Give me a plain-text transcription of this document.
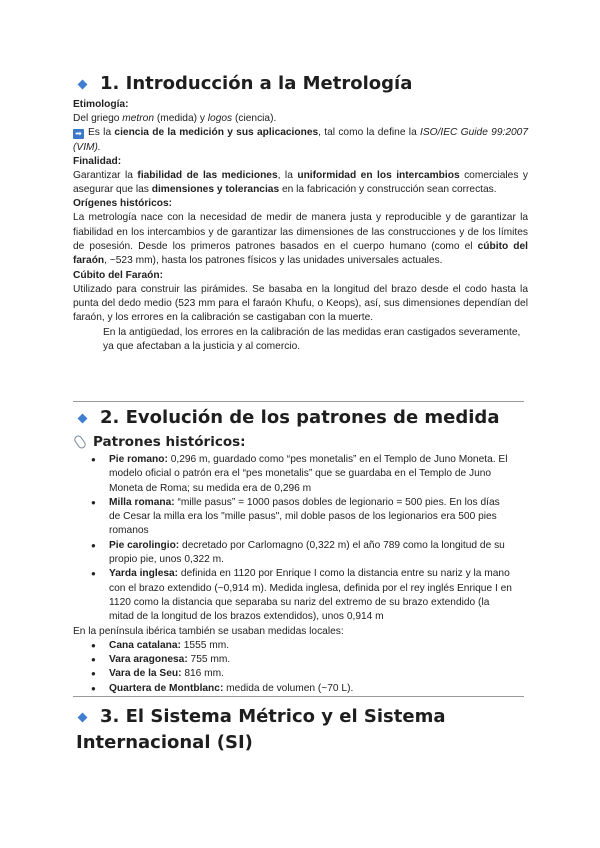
1. Introducción a la Metrología
Etimología:

Del griego metron (medida) y logos (ciencia).

➡ Es la ciencia de la medición y sus aplicaciones, tal como la define la ISO/IEC Guide 99:2007 (VIM).

Finalidad:

Garantizar la fiabilidad de las mediciones, la uniformidad en los intercambios comerciales y asegurar que las dimensiones y tolerancias en la fabricación y construcción sean correctas.

Orígenes históricos:

La metrología nace con la necesidad de medir de manera justa y reproducible y de garantizar la fiabilidad en los intercambios y de garantizar las dimensiones de las construcciones y de los límites de posesión. Desde los primeros patrones basados en el cuerpo humano (como el cúbito del faraón, ~523 mm), hasta los patrones físicos y las unidades universales actuales.

Cúbito del Faraón:

Utilizado para construir las pirámides. Se basaba en la longitud del brazo desde el codo hasta la punta del dedo medio (523 mm para el faraón Khufu, o Keops), así, sus dimensiones dependían del faraón, y los errores en la calibración se castigaban con la muerte.

En la antigüedad, los errores en la calibración de las medidas eran castigados severamente, ya que afectaban a la justicia y al comercio.

2. Evolución de los patrones de medida
Patrones históricos:
● Pie romano: 0,296 m, guardado como “pes monetalis” en el Templo de Juno Moneta. El modelo oficial o patrón era el “pes monetalis” que se guardaba en el Templo de Juno Moneta de Roma; su medida era de 0,296 m
● Milla romana: “mille pasus” = 1000 pasos dobles de legionario = 500 pies. En los días de Cesar la milla era los "mille pasus", mil doble pasos de los legionarios era 500 pies romanos
● Pie carolingio: decretado por Carlomagno (0,322 m) el año 789 como la longitud de su propio pie, unos 0,322 m.
● Yarda inglesa: definida en 1120 por Enrique I como la distancia entre su nariz y la mano con el brazo extendido (~0,914 m). Medida inglesa, definida por el rey inglés Enrique I en 1120 como la distancia que separaba su nariz del extremo de su brazo extendido (la mitad de la longitud de los brazos extendidos), unos 0,914 m

En la península ibérica también se usaban medidas locales:

● Cana catalana: 1555 mm.
● Vara aragonesa: 755 mm.
● Vara de la Seu: 816 mm.
● Quartera de Montblanc: medida de volumen (~70 L).
3. El Sistema Métrico y el Sistema Internacional (SI)
